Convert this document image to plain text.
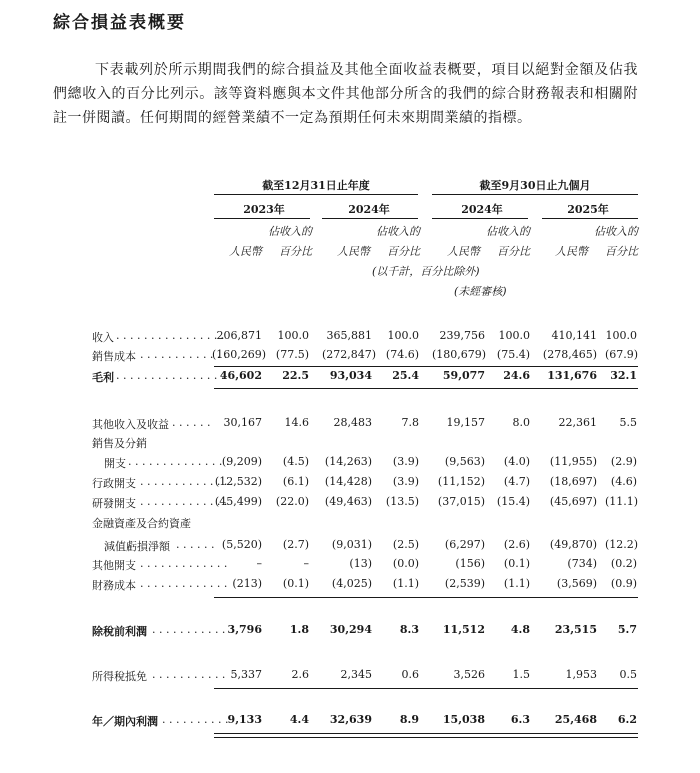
綜合損益表概要
下表載列於所示期間我們的綜合損益及其他全面收益表概要，項目以絕對金額及佔我們總收入的百分比列示。該等資料應與本文件其他部分所含的我們的綜合財務報表和相關附註一併閱讀。任何期間的經營業績不一定為預期任何未來期間業績的指標。
截至12月31日止年度	截至9月30日止九個月
2023年	2024年	2024年	2025年
佔收入的	佔收入的	佔收入的	佔收入的
人民幣	百分比	人民幣	百分比	人民幣	百分比	人民幣	百分比
(以千計，百分比除外)
(未經審核)
收入 . . . . . . . . . . . . . . . .
206,871	100.0	365,881	100.0	239,756	100.0	410,141 100.0
銷售成本 . . . . . . . . . . . . .
(160,269) (77.5) (272,847) (74.6) (180,679) (75.4) (278,465) (67.9)
毛利 . . . . . . . . . . . . . . . .
46,602	22.5	93,034	25.4	59,077	24.6	131,676	32.1
其他收入及收益 . . . . . .	30,167	14.6	28,483	7.8	19,157	8.0	22,361	5.5
銷售及分銷
開支 . . . . . . . . . . . . . . .
(9,209)	(4.5) (14,263)	(3.9)	(9,563)	(4.0)	(11,955)	(2.9)
行政開支 . . . . . . . . . . . . .
(12,532)	(6.1) (14,428)	(3.9)	(11,152)	(4.7)	(18,697)	(4.6)
研發開支 . . . . . . . . . . . . .
(45,499)	(22.0) (49,463) (13.5)	(37,015) (15.4)	(45,697) (11.1)
金融資產及合約資產
減值虧損淨額 . . . . . . (5,520)	(2.7)	(9,031)	(2.5)	(6,297)	(2.6)	(49,870) (12.2)
其他開支 . . . . . . . . . . . . .	–	–	(13)	(0.0)	(156)	(0.1)	(734)	(0.2)
財務成本 . . . . . . . . . . . . . (213)	(0.1)	(4,025)	(1.1)	(2,539)	(1.1)	(3,569)	(0.9)
除稅前利潤 . . . . . . . . . . . 3,796	1.8	30,294	8.3	11,512	4.8	23,515	5.7
所得稅抵免 . . . . . . . . . . . 5,337	2.6	2,345	0.6	3,526	1.5	1,953	0.5
年／期內利潤 . . . . . . . . . . 9,133	4.4	32,639	8.9	15,038	6.3	25,468	6.2
